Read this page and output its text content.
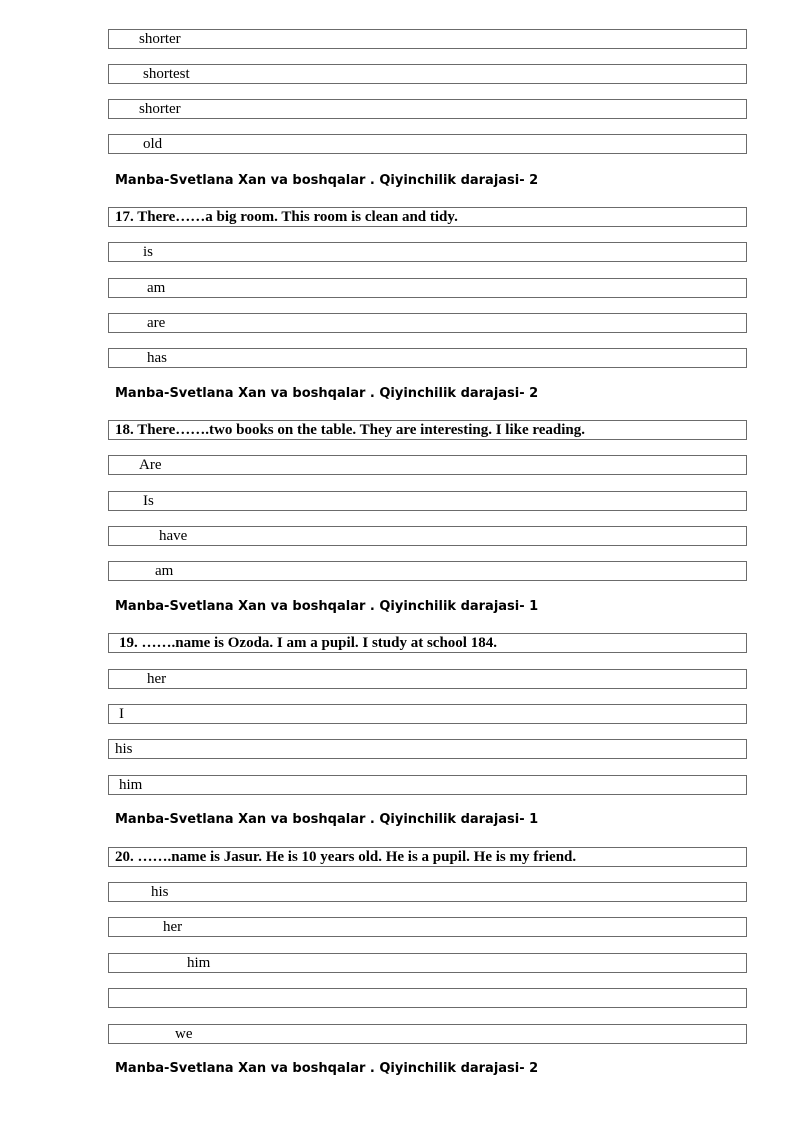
shorter
shortest
shorter
old
Manba-Svetlana Xan va boshqalar . Qiyinchilik darajasi- 2
17. There……a big room. This room is clean and tidy.
is
am
are
has
Manba-Svetlana Xan va boshqalar . Qiyinchilik darajasi- 2
18. There…….two books on the table. They are interesting. I like reading.
Are
Is
have
am
Manba-Svetlana Xan va boshqalar . Qiyinchilik darajasi- 1
19. …….name is Ozoda. I am a pupil. I study at school 184.
her
I
his
him
Manba-Svetlana Xan va boshqalar . Qiyinchilik darajasi- 1
20. …….name is Jasur. He is 10 years old. He is a pupil. He is my friend.
his
her
him
we
Manba-Svetlana Xan va boshqalar . Qiyinchilik darajasi- 2
